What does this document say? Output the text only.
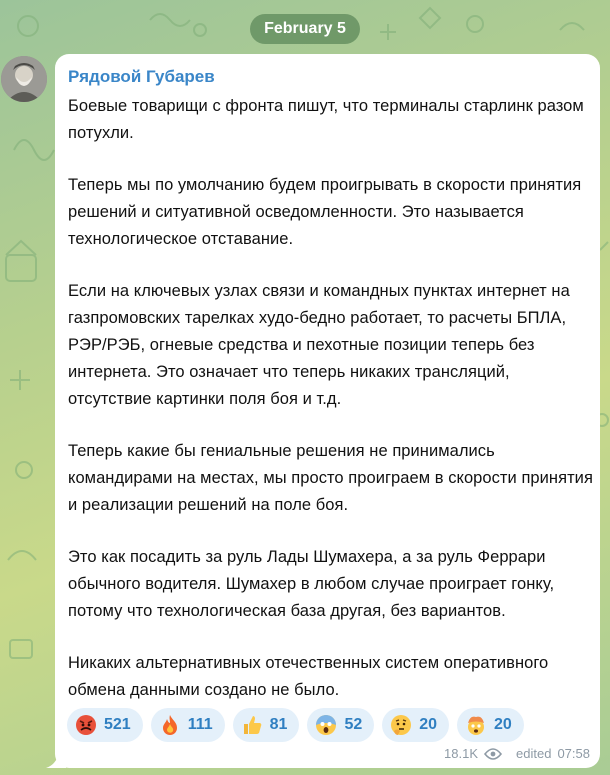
February 5
Рядовой Губарев

Боевые товарищи с фронта пишут, что терминалы старлинк разом потухли.

Теперь мы по умолчанию будем проигрывать в скорости принятия решений и ситуативной осведомленности. Это называется технологическое отставание.

Если на ключевых узлах связи и командных пунктах интернет на газпромовских тарелках худо-бедно работает, то расчеты БПЛА, РЭР/РЭБ, огневые средства и пехотные позиции теперь без интернета. Это означает что теперь никаких трансляций, отсутствие картинки поля боя и т.д.

Теперь какие бы гениальные решения не принимались командирами на местах, мы просто проиграем в скорости принятия и реализации решений на поле боя.

Это как посадить за руль Лады Шумахера, а за руль Феррари обычного водителя. Шумахер в любом случае проиграет гонку, потому что технологическая база другая, без вариантов.

Никаких альтернативных отечественных систем оперативного обмена данными создано не было.

521	111	81	52	20	20
18.1K	edited 07:58
